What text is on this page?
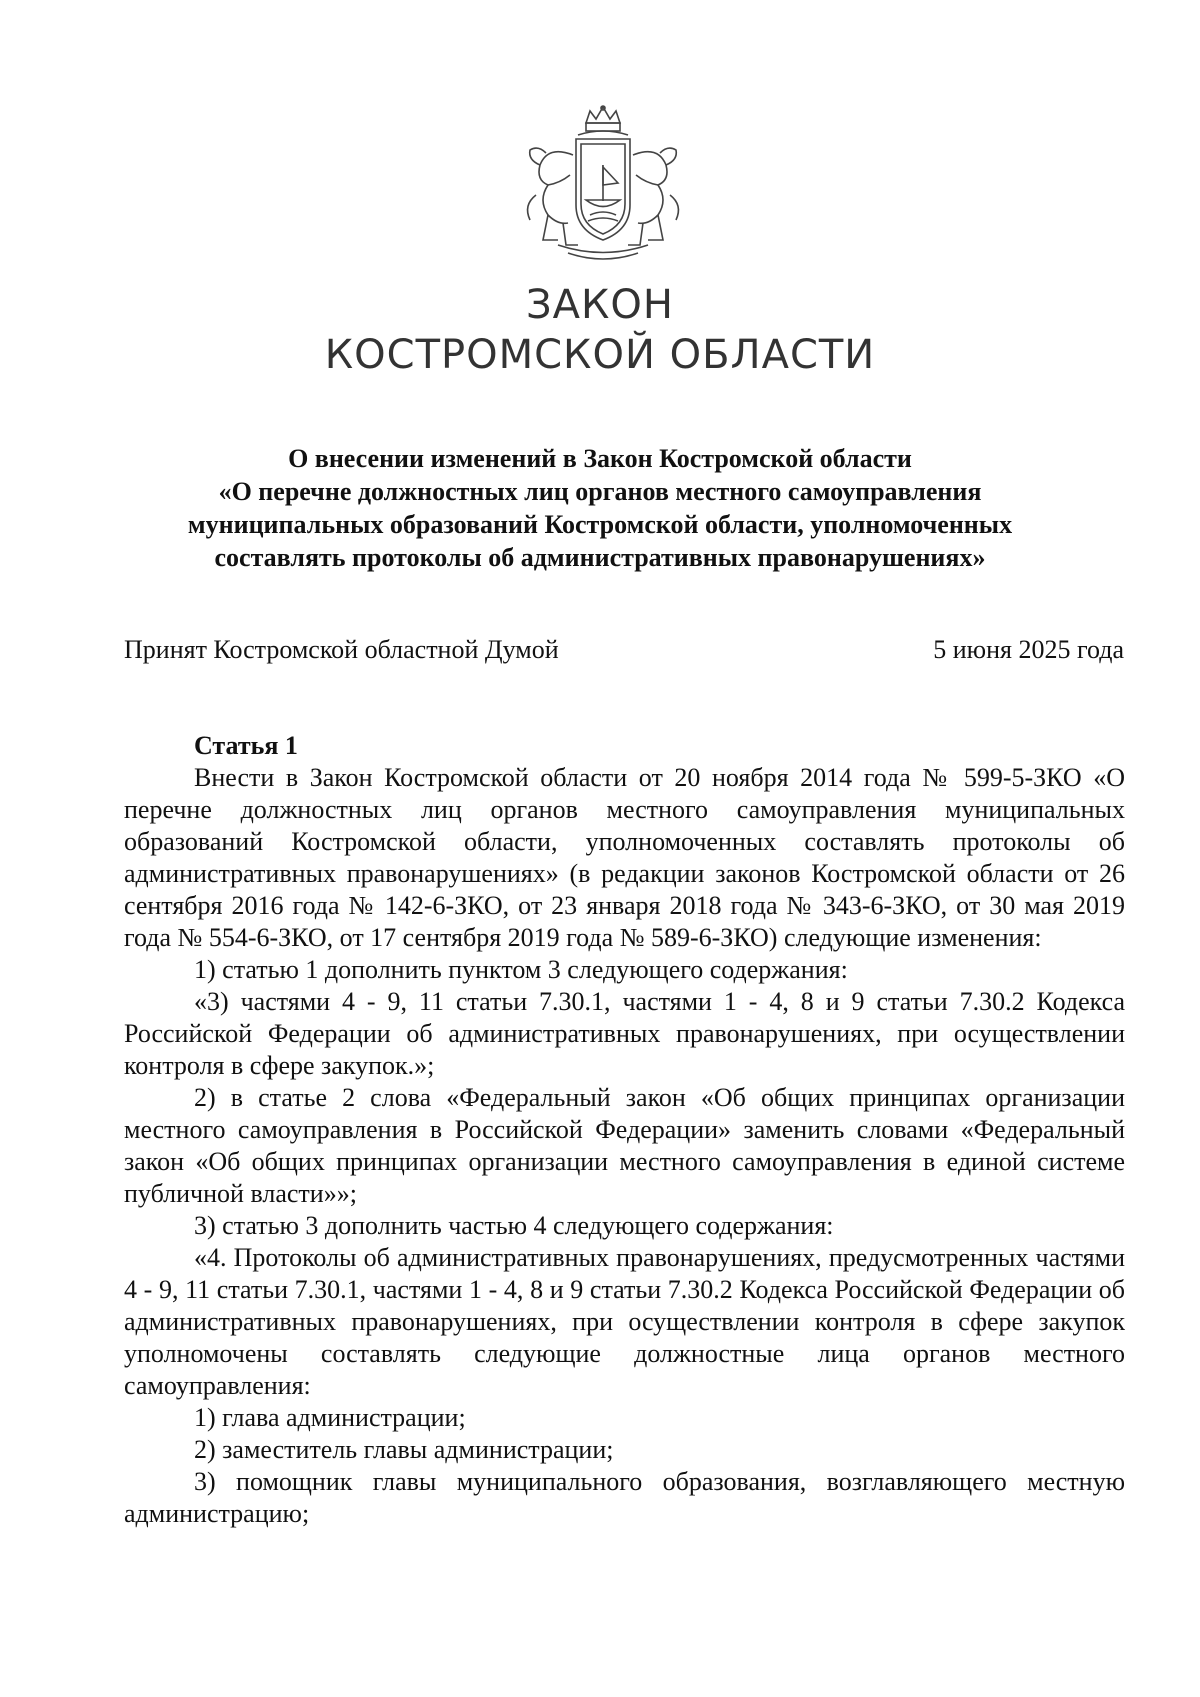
ЗАКОН
КОСТРОМСКОЙ ОБЛАСТИ
О внесении изменений в Закон Костромской области
«О перечне должностных лиц органов местного самоуправления
муниципальных образований Костромской области, уполномоченных
составлять протоколы об административных правонарушениях»
Принят Костромской областной Думой	5 июня 2025 года
Статья 1

Внести в Закон Костромской области от 20 ноября 2014 года № 599-5-ЗКО «О перечне должностных лиц органов местного самоуправления муниципальных образований Костромской области, уполномоченных составлять протоколы об административных правонарушениях» (в редакции законов Костромской области от 26 сентября 2016 года № 142-6-ЗКО, от 23 января 2018 года № 343-6-ЗКО, от 30 мая 2019 года № 554-6-ЗКО, от 17 сентября 2019 года № 589-6-ЗКО) следующие изменения:

1) статью 1 дополнить пунктом 3 следующего содержания:

«3) частями 4 - 9, 11 статьи 7.30.1, частями 1 - 4, 8 и 9 статьи 7.30.2 Кодекса Российской Федерации об административных правонарушениях, при осуществлении контроля в сфере закупок.»;

2) в статье 2 слова «Федеральный закон «Об общих принципах организации местного самоуправления в Российской Федерации» заменить словами «Федеральный закон «Об общих принципах организации местного самоуправления в единой системе публичной власти»»;

3) статью 3 дополнить частью 4 следующего содержания:

«4. Протоколы об административных правонарушениях, предусмотренных частями 4 - 9, 11 статьи 7.30.1, частями 1 - 4, 8 и 9 статьи 7.30.2 Кодекса Российской Федерации об административных правонарушениях, при осуществлении контроля в сфере закупок уполномочены составлять следующие должностные лица органов местного самоуправления:

1) глава администрации;

2) заместитель главы администрации;

3) помощник главы муниципального образования, возглавляющего местную администрацию;
